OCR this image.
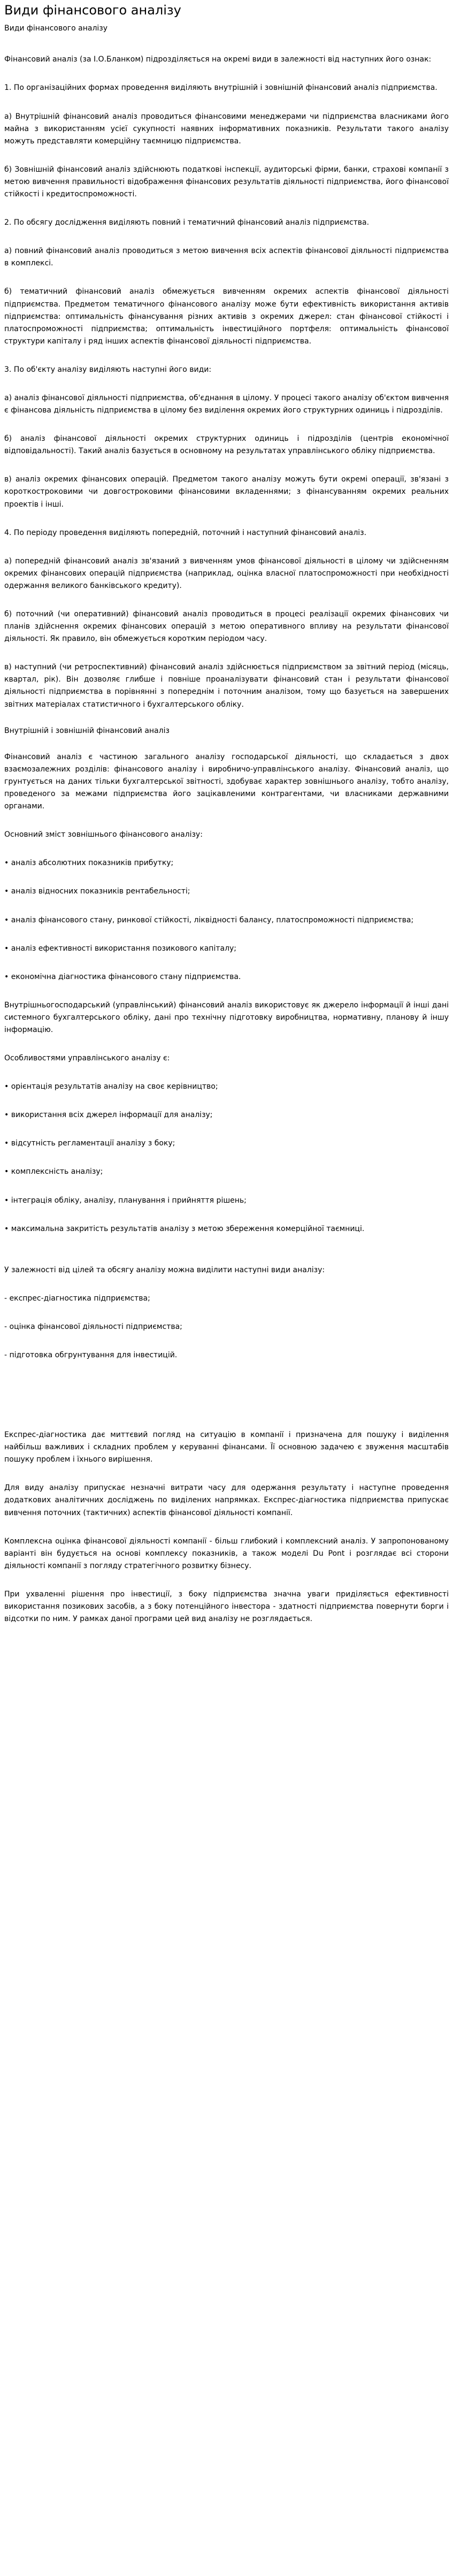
Види фінансового аналізу
Види фінансового аналізу

Фінансовий аналіз (за І.О.Бланком) підрозділяється на окремі види в залежності від наступних його ознак:

1. По організаційних формах проведення виділяють внутрішній і зовнішній фінансовий аналіз підприємства.

а) Внутрішній фінансовий аналіз проводиться фінансовими менеджерами чи підприємства власниками його майна з використанням усієї сукупності наявних інформативних показників. Результати такого аналізу можуть представляти комерційну таємницю підприємства.

б) Зовнішній фінансовий аналіз здійснюють податкові інспекції, аудиторські фірми, банки, страхові компанії з метою вивчення правильності відображення фінансових результатів діяльності підприємства, його фінансової стійкості і кредитоспроможності.

2. По обсягу дослідження виділяють повний і тематичний фінансовий аналіз підприємства.

а) повний фінансовий аналіз проводиться з метою вивчення всіх аспектів фінансової діяльності підприємства в комплексі.

б) тематичний фінансовий аналіз обмежується вивченням окремих аспектів фінансової діяльності підприємства. Предметом тематичного фінансового аналізу може бути ефективність використання активів підприємства: оптимальність фінансування різних активів з окремих джерел: стан фінансової стійкості і платоспроможності підприємства; оптимальність інвестиційного портфеля: оптимальність фінансової структури капіталу і ряд інших аспектів фінансової діяльності підприємства.

3. По об'єкту аналізу виділяють наступні його види:

а) аналіз фінансової діяльності підприємства, об'єднання в цілому. У процесі такого аналізу об'єктом вивчення є фінансова діяльність підприємства в цілому без виділення окремих його структурних одиниць і підрозділів.

б) аналіз фінансової діяльності окремих структурних одиниць і підрозділів (центрів економічної відповідальності). Такий аналіз базується в основному на результатах управлінського обліку підприємства.

в) аналіз окремих фінансових операцій. Предметом такого аналізу можуть бути окремі операції, зв'язані з короткостроковими чи довгостроковими фінансовими вкладеннями; з фінансуванням окремих реальних проектів і інші.

4. По періоду проведення виділяють попередній, поточний і наступний фінансовий аналіз.

а) попередній фінансовий аналіз зв'язаний з вивченням умов фінансової діяльності в цілому чи здійсненням окремих фінансових операцій підприємства (наприклад, оцінка власної платоспроможності при необхідності одержання великого банківського кредиту).

б) поточний (чи оперативний) фінансовий аналіз проводиться в процесі реалізації окремих фінансових чи планів здійснення окремих фінансових операцій з метою оперативного впливу на результати фінансової діяльності. Як правило, він обмежується коротким періодом часу.

в) наступний (чи ретроспективний) фінансовий аналіз здійснюється підприємством за звітний період (місяць, квартал, рік). Він дозволяє глибше і повніше проаналізувати фінансовий стан і результати фінансової діяльності підприємства в порівнянні з попереднім і поточним аналізом, тому що базується на завершених звітних матеріалах статистичного і бухгалтерського обліку.

Внутрішній і зовнішній фінансовий аналіз

Фінансовий аналіз є частиною загального аналізу господарської діяльності, що складається з двох взаємозалежних розділів: фінансового аналізу і виробничо-управлінського аналізу. Фінансовий аналіз, що грунтується на даних тільки бухгалтерської звітності, здобуває характер зовнішнього аналізу, тобто аналізу, проведеного за межами підприємства його зацікавленими контрагентами, чи власниками державними органами.

Основний зміст зовнішнього фінансового аналізу:

• аналіз абсолютних показників прибутку;

• аналіз відносних показників рентабельності;

• аналіз фінансового стану, ринкової стійкості, ліквідності балансу, платоспроможності підприємства;

• аналіз ефективності використання позикового капіталу;

• економічна діагностика фінансового стану підприємства.

Внутрішньогосподарський (управлінський) фінансовий аналіз використовує як джерело інформації й інші дані системного бухгалтерського обліку, дані про технічну підготовку виробництва, нормативну, планову й іншу інформацію.

Особливостями управлінського аналізу є:

• орієнтація результатів аналізу на своє керівництво;

• використання всіх джерел інформації для аналізу;

• відсутність регламентації аналізу з боку;

• комплексність аналізу;

• інтеграція обліку, аналізу, планування і прийняття рішень;

• максимальна закритість результатів аналізу з метою збереження комерційної таємниці.

У залежності від цілей та обсягу аналізу можна виділити наступні види аналізу:

- експрес-діагностика підприємства;

- оцінка фінансової діяльності підприємства;

- підготовка обгрунтування для інвестицій.

Експрес-діагностика дає миттєвий погляд на ситуацію в компанії і призначена для пошуку і виділення найбільш важливих і складних проблем у керуванні фінансами. Її основною задачею є звуження масштабів пошуку проблем і їхнього вирішення.

Для виду аналізу припускає незначні витрати часу для одержання результату і наступне проведення додаткових аналітичних досліджень по виділених напрямках. Експрес-діагностика підприємства припускає вивчення поточних (тактичних) аспектів фінансової діяльності компанії.

Комплексна оцінка фінансової діяльності компанії - більш глибокий і комплексний аналіз. У запропонованому варіанті він будується на основі комплексу показників, а також моделі Du Pont і розглядає всі сторони діяльності компанії з погляду стратегічного розвитку бізнесу.

При ухваленні рішення про інвестиції, з боку підприємства значна уваги приділяється ефективності використання позикових засобів, а з боку потенційного інвестора - здатності підприємства повернути борги і відсотки по ним. У рамках даної програми цей вид аналізу не розглядається.
